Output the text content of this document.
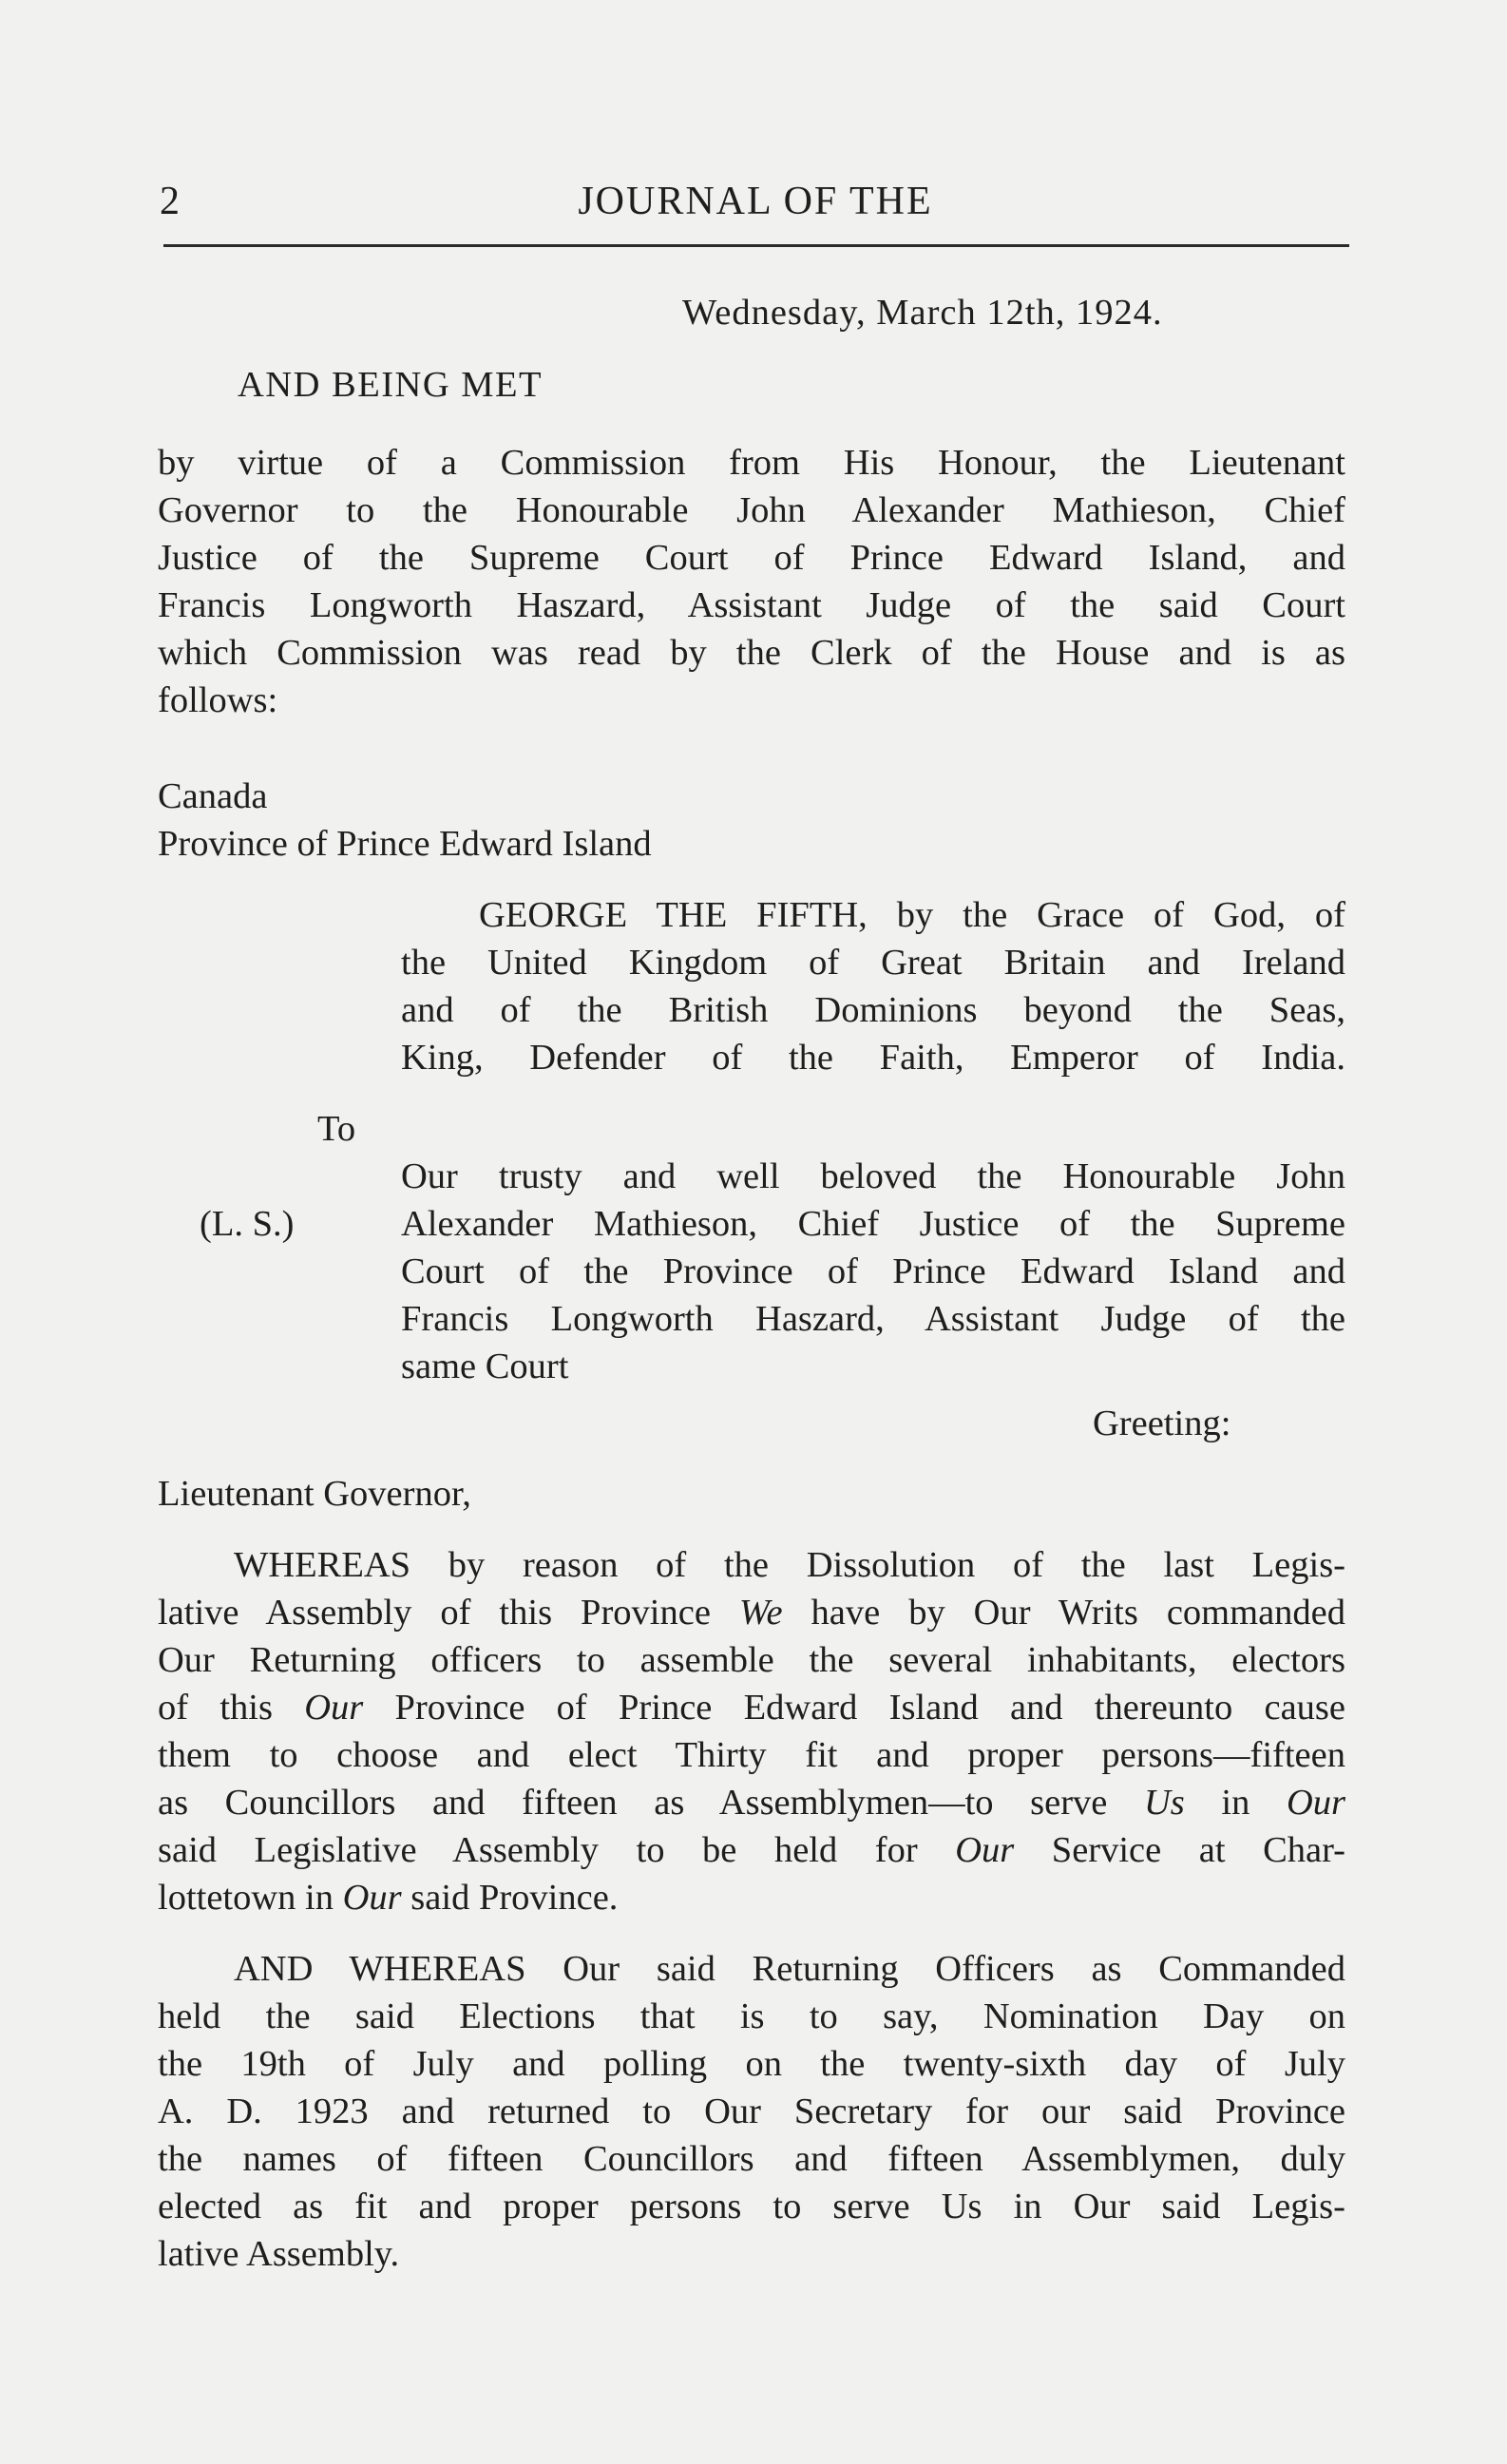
2	JOURNAL OF THE
Wednesday, March 12th, 1924.
AND BEING MET
by virtue of a Commission from His Honour, the Lieutenant
Governor to the Honourable John Alexander Mathieson, Chief
Justice of the Supreme Court of Prince Edward Island, and
Francis Longworth Haszard, Assistant Judge of the said Court
which Commission was read by the Clerk of the House and is as
follows:
Canada
Province of Prince Edward Island
GEORGE THE FIFTH, by the Grace of God, of
the United Kingdom of Great Britain and Ireland
and of the British Dominions beyond the Seas,
King, Defender of the Faith, Emperor of India.
To
(L. S.)
Our trusty and well beloved the Honourable John
Alexander Mathieson, Chief Justice of the Supreme
Court of the Province of Prince Edward Island and
Francis Longworth Haszard, Assistant Judge of the
same Court
Greeting:
Lieutenant Governor,
WHEREAS by reason of the Dissolution of the last Legis-
lative Assembly of this Province We have by Our Writs commanded
Our Returning officers to assemble the several inhabitants, electors
of this Our Province of Prince Edward Island and thereunto cause
them to choose and elect Thirty fit and proper persons—fifteen
as Councillors and fifteen as Assemblymen—to serve Us in Our
said Legislative Assembly to be held for Our Service at Char-
lottetown in Our said Province.
AND WHEREAS Our said Returning Officers as Commanded
held the said Elections that is to say, Nomination Day on
the 19th of July and polling on the twenty-sixth day of July
A. D. 1923 and returned to Our Secretary for our said Province
the names of fifteen Councillors and fifteen Assemblymen, duly
elected as fit and proper persons to serve Us in Our said Legis-
lative Assembly.
